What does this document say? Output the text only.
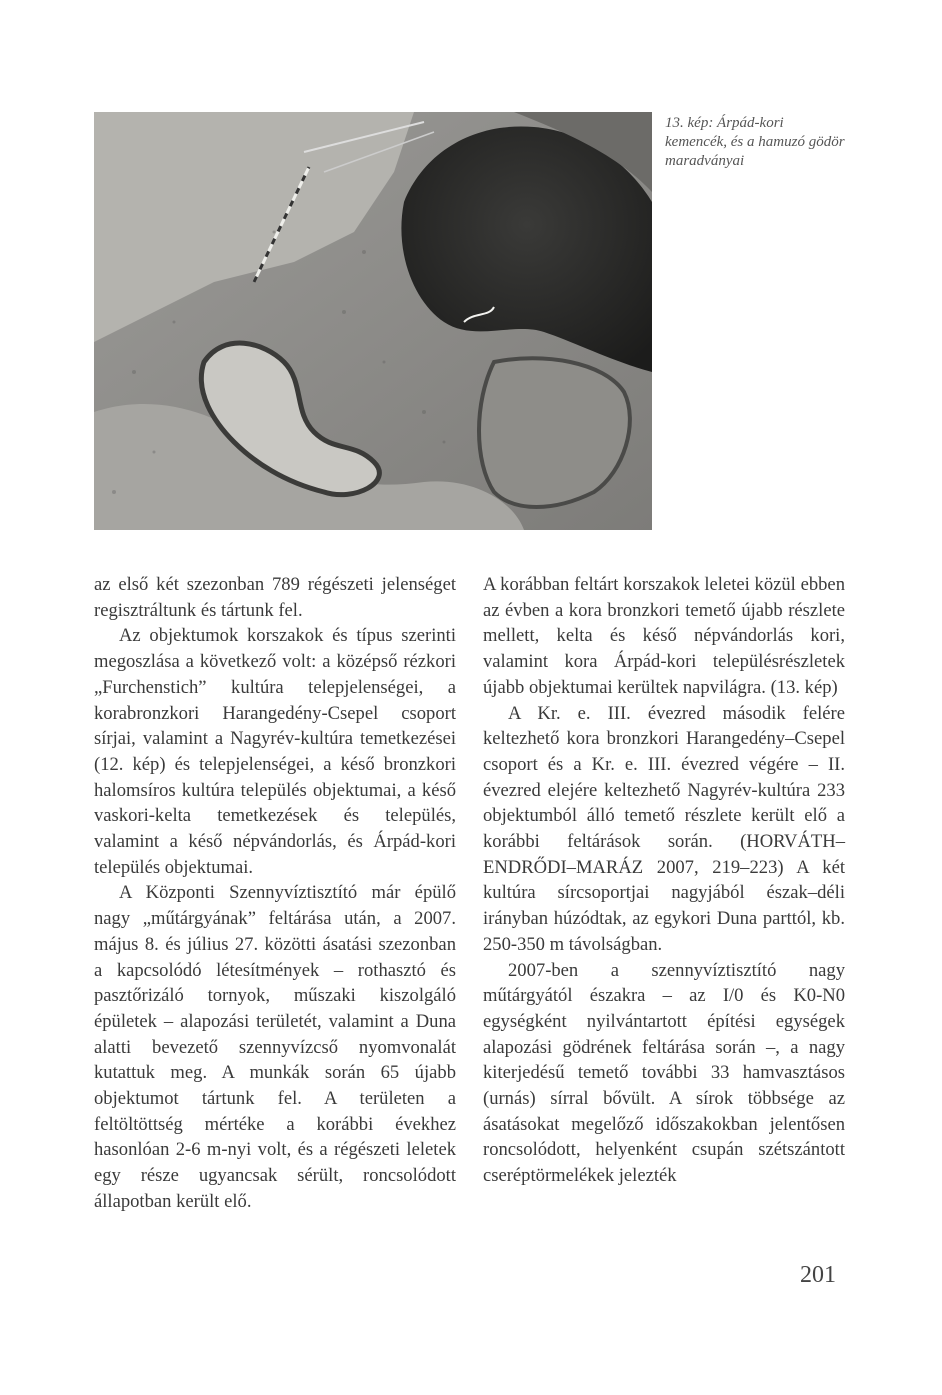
13. kép: Árpád-kori kemencék, és a hamuzó gödör maradványai

az első két szezonban 789 régészeti jelenséget regisztráltunk és tártunk fel.

Az objektumok korszakok és típus szerinti megoszlása a következő volt: a középső rézkori „Furchenstich” kultúra telepjelenségei, a korabronzkori Harangedény-Csepel csoport sírjai, valamint a Nagyrév-kultúra temetkezései (12. kép) és telepjelenségei, a késő bronzkori halomsíros kultúra település objektumai, a késő vaskori-kelta temetkezések és település, valamint a késő népvándorlás, és Árpád-kori település objektumai.

A Központi Szennyvíztisztító már épülő nagy „műtárgyának” feltárása után, a 2007. május 8. és július 27. közötti ásatási szezonban a kapcsolódó létesítmények – rothasztó és pasztőrizáló tornyok, műszaki kiszolgáló épületek – alapozási területét, valamint a Duna alatti bevezető szennyvízcső nyomvonalát kutattuk meg. A munkák során 65 újabb objektumot tártunk fel. A területen a feltöltöttség mértéke a korábbi évekhez hasonlóan 2-6 m-nyi volt, és a régészeti leletek egy része ugyancsak sérült, roncsolódott állapotban került elő.

A korábban feltárt korszakok leletei közül ebben az évben a kora bronzkori temető újabb részlete mellett, kelta és késő népvándorlás kori, valamint kora Árpád-kori településrészletek újabb objektumai kerültek napvilágra. (13. kép)

A Kr. e. III. évezred második felére keltezhető kora bronzkori Harangedény–Csepel csoport és a Kr. e. III. évezred végére – II. évezred elejére keltezhető Nagyrév-kultúra 233 objektumból álló temető részlete került elő a korábbi feltárások során. (HORVÁTH–ENDRŐDI–MARÁZ 2007, 219–223) A két kultúra sírcsoportjai nagyjából észak–déli irányban húzódtak, az egykori Duna parttól, kb. 250-350 m távolságban.

2007-ben a szennyvíztisztító nagy műtárgyától északra – az I/0 és K0-N0 egységként nyilvántartott építési egységek alapozási gödrének feltárása során –, a nagy kiterjedésű temető további 33 hamvasztásos (urnás) sírral bővült. A sírok többsége az ásatásokat megelőző időszakokban jelentősen roncsolódott, helyenként csupán szétszántott cseréptörmelékek jelezték

201
